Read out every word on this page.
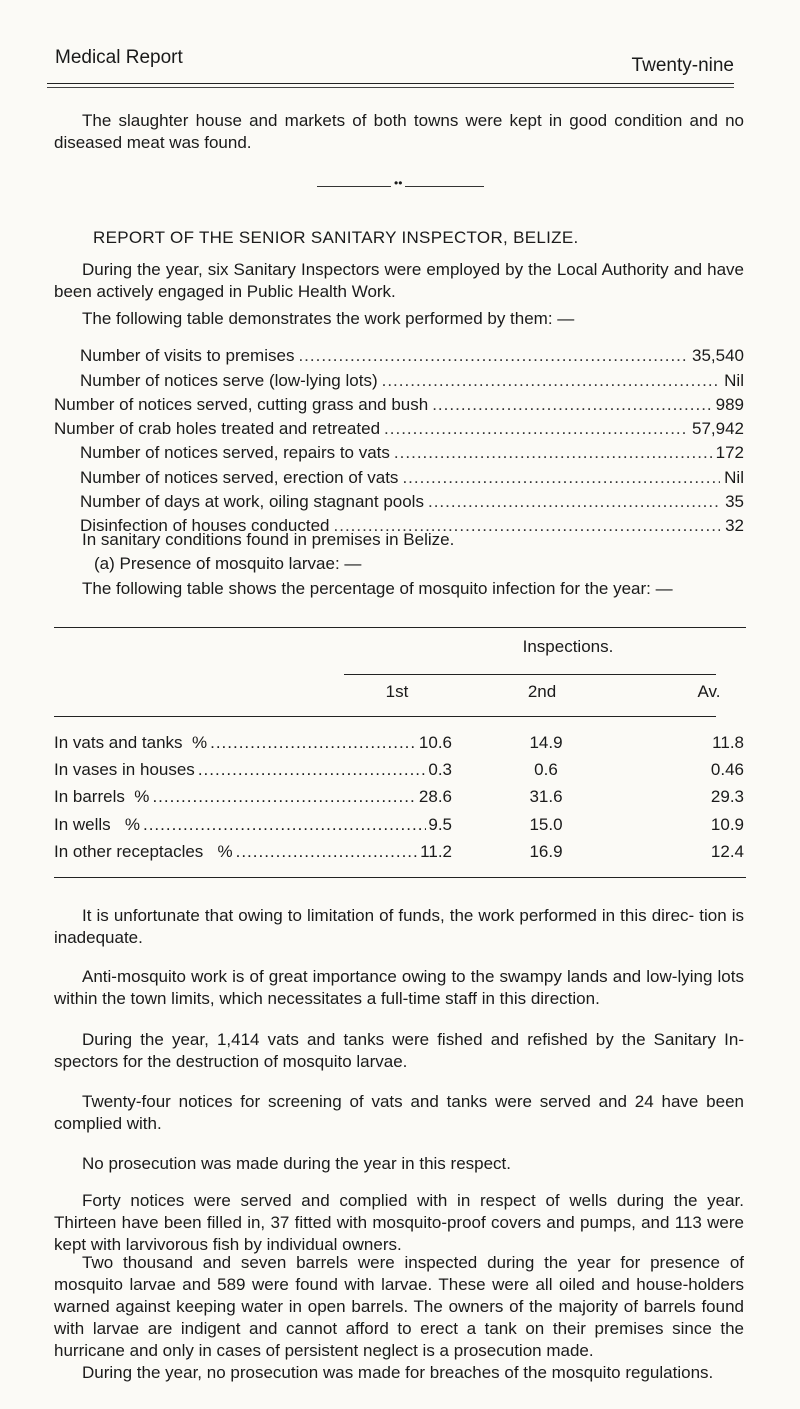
Medical Report	Twenty-nine

The slaughter house and markets of both towns were kept in good condition and no diseased meat was found.

••
REPORT OF THE SENIOR SANITARY INSPECTOR, BELIZE.

During the year, six Sanitary Inspectors were employed by the Local Authority and have been actively engaged in Public Health Work.

The following table demonstrates the work performed by them: —

Number of visits to premises .....	35,540
Number of notices serve (low-lying lots) .....	Nil
Number of notices served, cutting grass and bush .....	989
Number of crab holes treated and retreated .....	57,942
Number of notices served, repairs to vats .....	172
Number of notices served, erection of vats .....	Nil
Number of days at work, oiling stagnant pools .....	35
Disinfection of houses conducted .....	32

In sanitary conditions found in premises in Belize.

(a) Presence of mosquito larvae: —

The following table shows the percentage of mosquito infection for the year: —

Inspections.
1st	2nd	Av.
In vats and tanks  % .....	10.6	14.9	11.8
In vases in houses .....	0.3	0.6	0.46
In barrels  % .....	28.6	31.6	29.3
In wells   % .....	9.5	15.0	10.9
In other receptacles   % .....	11.2	16.9	12.4

It is unfortunate that owing to limitation of funds, the work performed in this direc- tion is inadequate.

Anti-mosquito work is of great importance owing to the swampy lands and low-lying lots within the town limits, which necessitates a full-time staff in this direction.

During the year, 1,414 vats and tanks were fished and refished by the Sanitary In- spectors for the destruction of mosquito larvae.

Twenty-four notices for screening of vats and tanks were served and 24 have been complied with.

No prosecution was made during the year in this respect.

Forty notices were served and complied with in respect of wells during the year. Thirteen have been filled in, 37 fitted with mosquito-proof covers and pumps, and 113 were kept with larvivorous fish by individual owners.

Two thousand and seven barrels were inspected during the year for presence of mosquito larvae and 589 were found with larvae. These were all oiled and house-holders warned against keeping water in open barrels. The owners of the majority of barrels found with larvae are indigent and cannot afford to erect a tank on their premises since the hurricane and only in cases of persistent neglect is a prosecution made.

During the year, no prosecution was made for breaches of the mosquito regulations.
